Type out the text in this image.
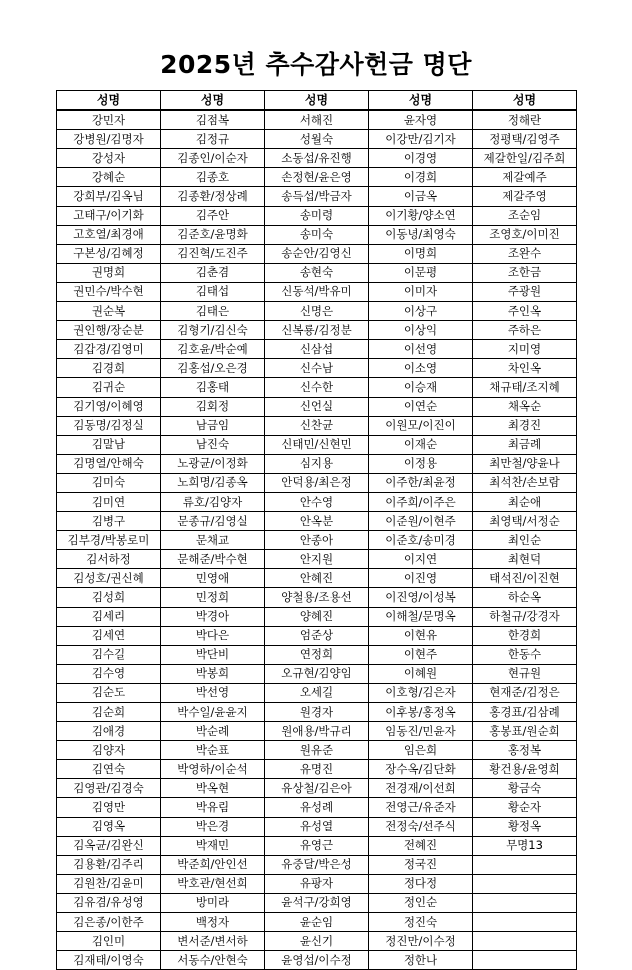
2025년 추수감사헌금 명단
성명	성명	성명	성명	성명
강민자	김점복	서해진	윤자영	정해란
강병원/김명자	김정규	성월숙	이강만/김기자	정평택/김영주
강성자	김종인/이순자	소동섭/유진행	이경영	제갈한일/김주희
강혜순	김종호	손정현/윤은영	이경희	제갈예주
강희부/김옥님	김종환/정상례	송득섭/박금자	이금옥	제갈주영
고태구/이기화	김주안	송미령	이기황/양소연	조순임
고호열/최경애	김준호/윤명화	송미숙	이동녕/최영숙	조영호/이미진
구본성/김혜정	김진혁/도진주	송순안/김영신	이명희	조완수
권명희	김춘겸	송현숙	이문평	조한금
권민수/박수현	김태섭	신동석/박유미	이미자	주광원
권순복	김태은	신명은	이상구	주인옥
권인행/장순분	김형기/김신숙	신복룡/김정분	이상익	주하은
김갑경/김영미	김호윤/박순예	신삼섭	이선영	지미영
김경희	김홍섭/오은경	신수남	이소영	차인옥
김귀순	김홍태	신수한	이승재	채규태/조지혜
김기영/이혜영	김회정	신언실	이연순	채옥순
김동명/김정실	남금임	신찬균	이원모/이진이	최경진
김말남	남진숙	신태민/신현민	이재순	최금례
김명열/안해숙	노광균/이정화	심지용	이정용	최만철/양윤나
김미숙	노희명/김종옥	안덕용/최은정	이주한/최윤정	최석찬/손보람
김미연	류호/김양자	안수영	이주희/이주은	최순애
김병구	문종규/김영실	안옥분	이준원/이현주	최영택/서정순
김부경/박봉로미	문채교	안종아	이준호/송미경	최인순
김서하정	문해준/박수현	안지원	이지연	최현덕
김성호/권신혜	민영애	안혜진	이진영	태석진/이진현
김성희	민정희	양철용/조용선	이진영/이성복	하순옥
김세리	박경아	양혜진	이해철/문명옥	하철규/강경자
김세연	박다은	엄준상	이현유	한경희
김수길	박단비	연정희	이현주	한동수
김수영	박봉희	오규현/김양임	이혜원	현규원
김순도	박선영	오세길	이호형/김은자	현재준/김정은
김순희	박수일/윤윤지	원경자	이후봉/홍정옥	홍경표/김삼례
김애경	박순례	원애용/박규리	임동진/민윤자	홍봉표/원순희
김양자	박순표	원유준	임은희	홍정복
김연숙	박영하/이순석	유명진	장수옥/김단화	황건용/윤영희
김영관/김경숙	박옥현	유상철/김은아	전경재/이선희	황금숙
김영만	박유림	유성례	전영근/유준자	황순자
김영옥	박은경	유성열	전정숙/선주식	황정옥
김옥균/김완신	박재민	유영근	전혜진	무명13
김용환/김주리	박준희/안인선	유중달/박은성	정국진	
김원찬/김윤미	박호관/현선희	유팡자	정다정	
김유겸/유성영	방미라	윤석구/강희영	정인순	
김은종/이한주	백정자	윤순임	정진숙	
김인미	변서준/변서하	윤신기	정진만/이수정	
김재태/이영숙	서동수/안현숙	윤영섭/이수정	정한나	
